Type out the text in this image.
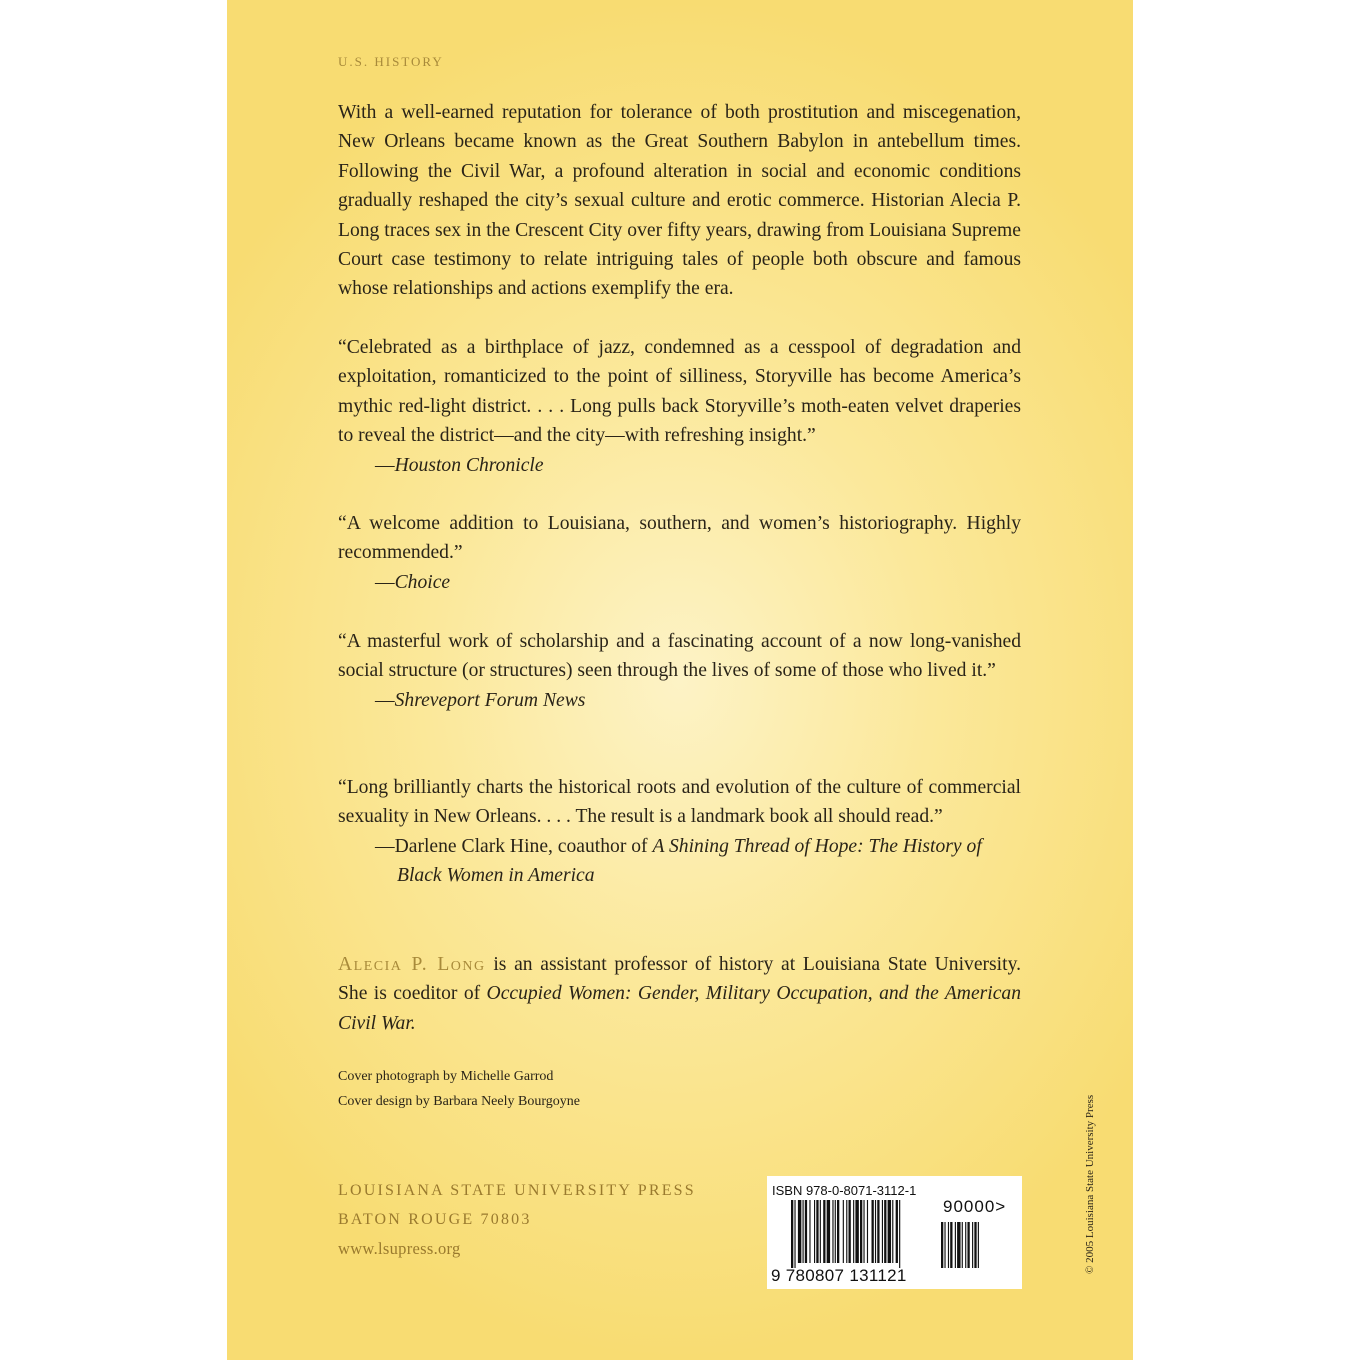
U.S. HISTORY

With a well-earned reputation for tolerance of both prostitution and miscegenation, New Orleans became known as the Great Southern Babylon in antebellum times. Following the Civil War, a profound alteration in social and economic conditions gradually reshaped the city’s sexual culture and erotic commerce. Historian Alecia P. Long traces sex in the Crescent City over fifty years, drawing from Louisiana Supreme Court case testimony to relate intriguing tales of people both obscure and famous whose relationships and actions exemplify the era.

“Celebrated as a birthplace of jazz, condemned as a cesspool of degradation and exploitation, romanticized to the point of silliness, Storyville has become America’s mythic red-light district. . . . Long pulls back Storyville’s moth-eaten velvet draperies to reveal the district—and the city—with refreshing insight.”

—Houston Chronicle

“A welcome addition to Louisiana, southern, and women’s historiography. Highly recommended.”

—Choice

“A masterful work of scholarship and a fascinating account of a now long-vanished social structure (or structures) seen through the lives of some of those who lived it.”

—Shreveport Forum News

“Long brilliantly charts the historical roots and evolution of the culture of commercial sexuality in New Orleans. . . . The result is a landmark book all should read.”

—Darlene Clark Hine, coauthor of A Shining Thread of Hope: The History of
Black Women in America

Alecia P. Long is an assistant professor of history at Louisiana State University. She is coeditor of Occupied Women: Gender, Military Occupation, and the American Civil War.

Cover photograph by Michelle Garrod
Cover design by Barbara Neely Bourgoyne
LOUISIANA STATE UNIVERSITY PRESS
BATON ROUGE 70803
www.lsupress.org
ISBN 978-0-8071-3112-1
9 780807 131121
90000>	© 2005 Louisiana State University Press
